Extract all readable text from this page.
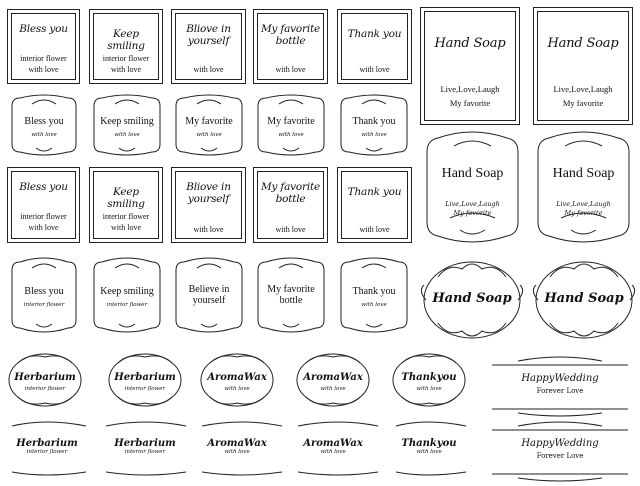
Bless you
interior flower
with love
Keep smiling
interior flower
with love
Bliove in yourself
with love
My favorite bottle
with love
Thank you
with love
Hand Soap
Live,Love,Laugh
My favorite
Hand Soap
Live,Love,Laugh
My favorite
Bless you
with love
Keep smiling
with love
My favorite
with love
My favorite
with love
Thank you
with love
Hand Soap
Live,Love,Laugh
My favorite
Hand Soap
Live,Love,Laugh
My favorite
Bless you
interior flower
with love
Keep smiling
interior flower
with love
Bliove in yourself
with love
My favorite bottle
with love
Thank you
with love
Bless you
interior flower
Keep smiling
interior flower
Believe in yourself
My favorite bottle
Thank you
with love	Hand Soap	Hand Soap
Herbarium
interior flower
Herbarium
interior flower
AromaWax
with love
AromaWax
with love
Thankyou
with love
HappyWedding
Forever Love
HappyWedding
Forever Love
Herbarium
interior flower
Herbarium
interior flower
AromaWax
with love
AromaWax
with love
Thankyou
with love
